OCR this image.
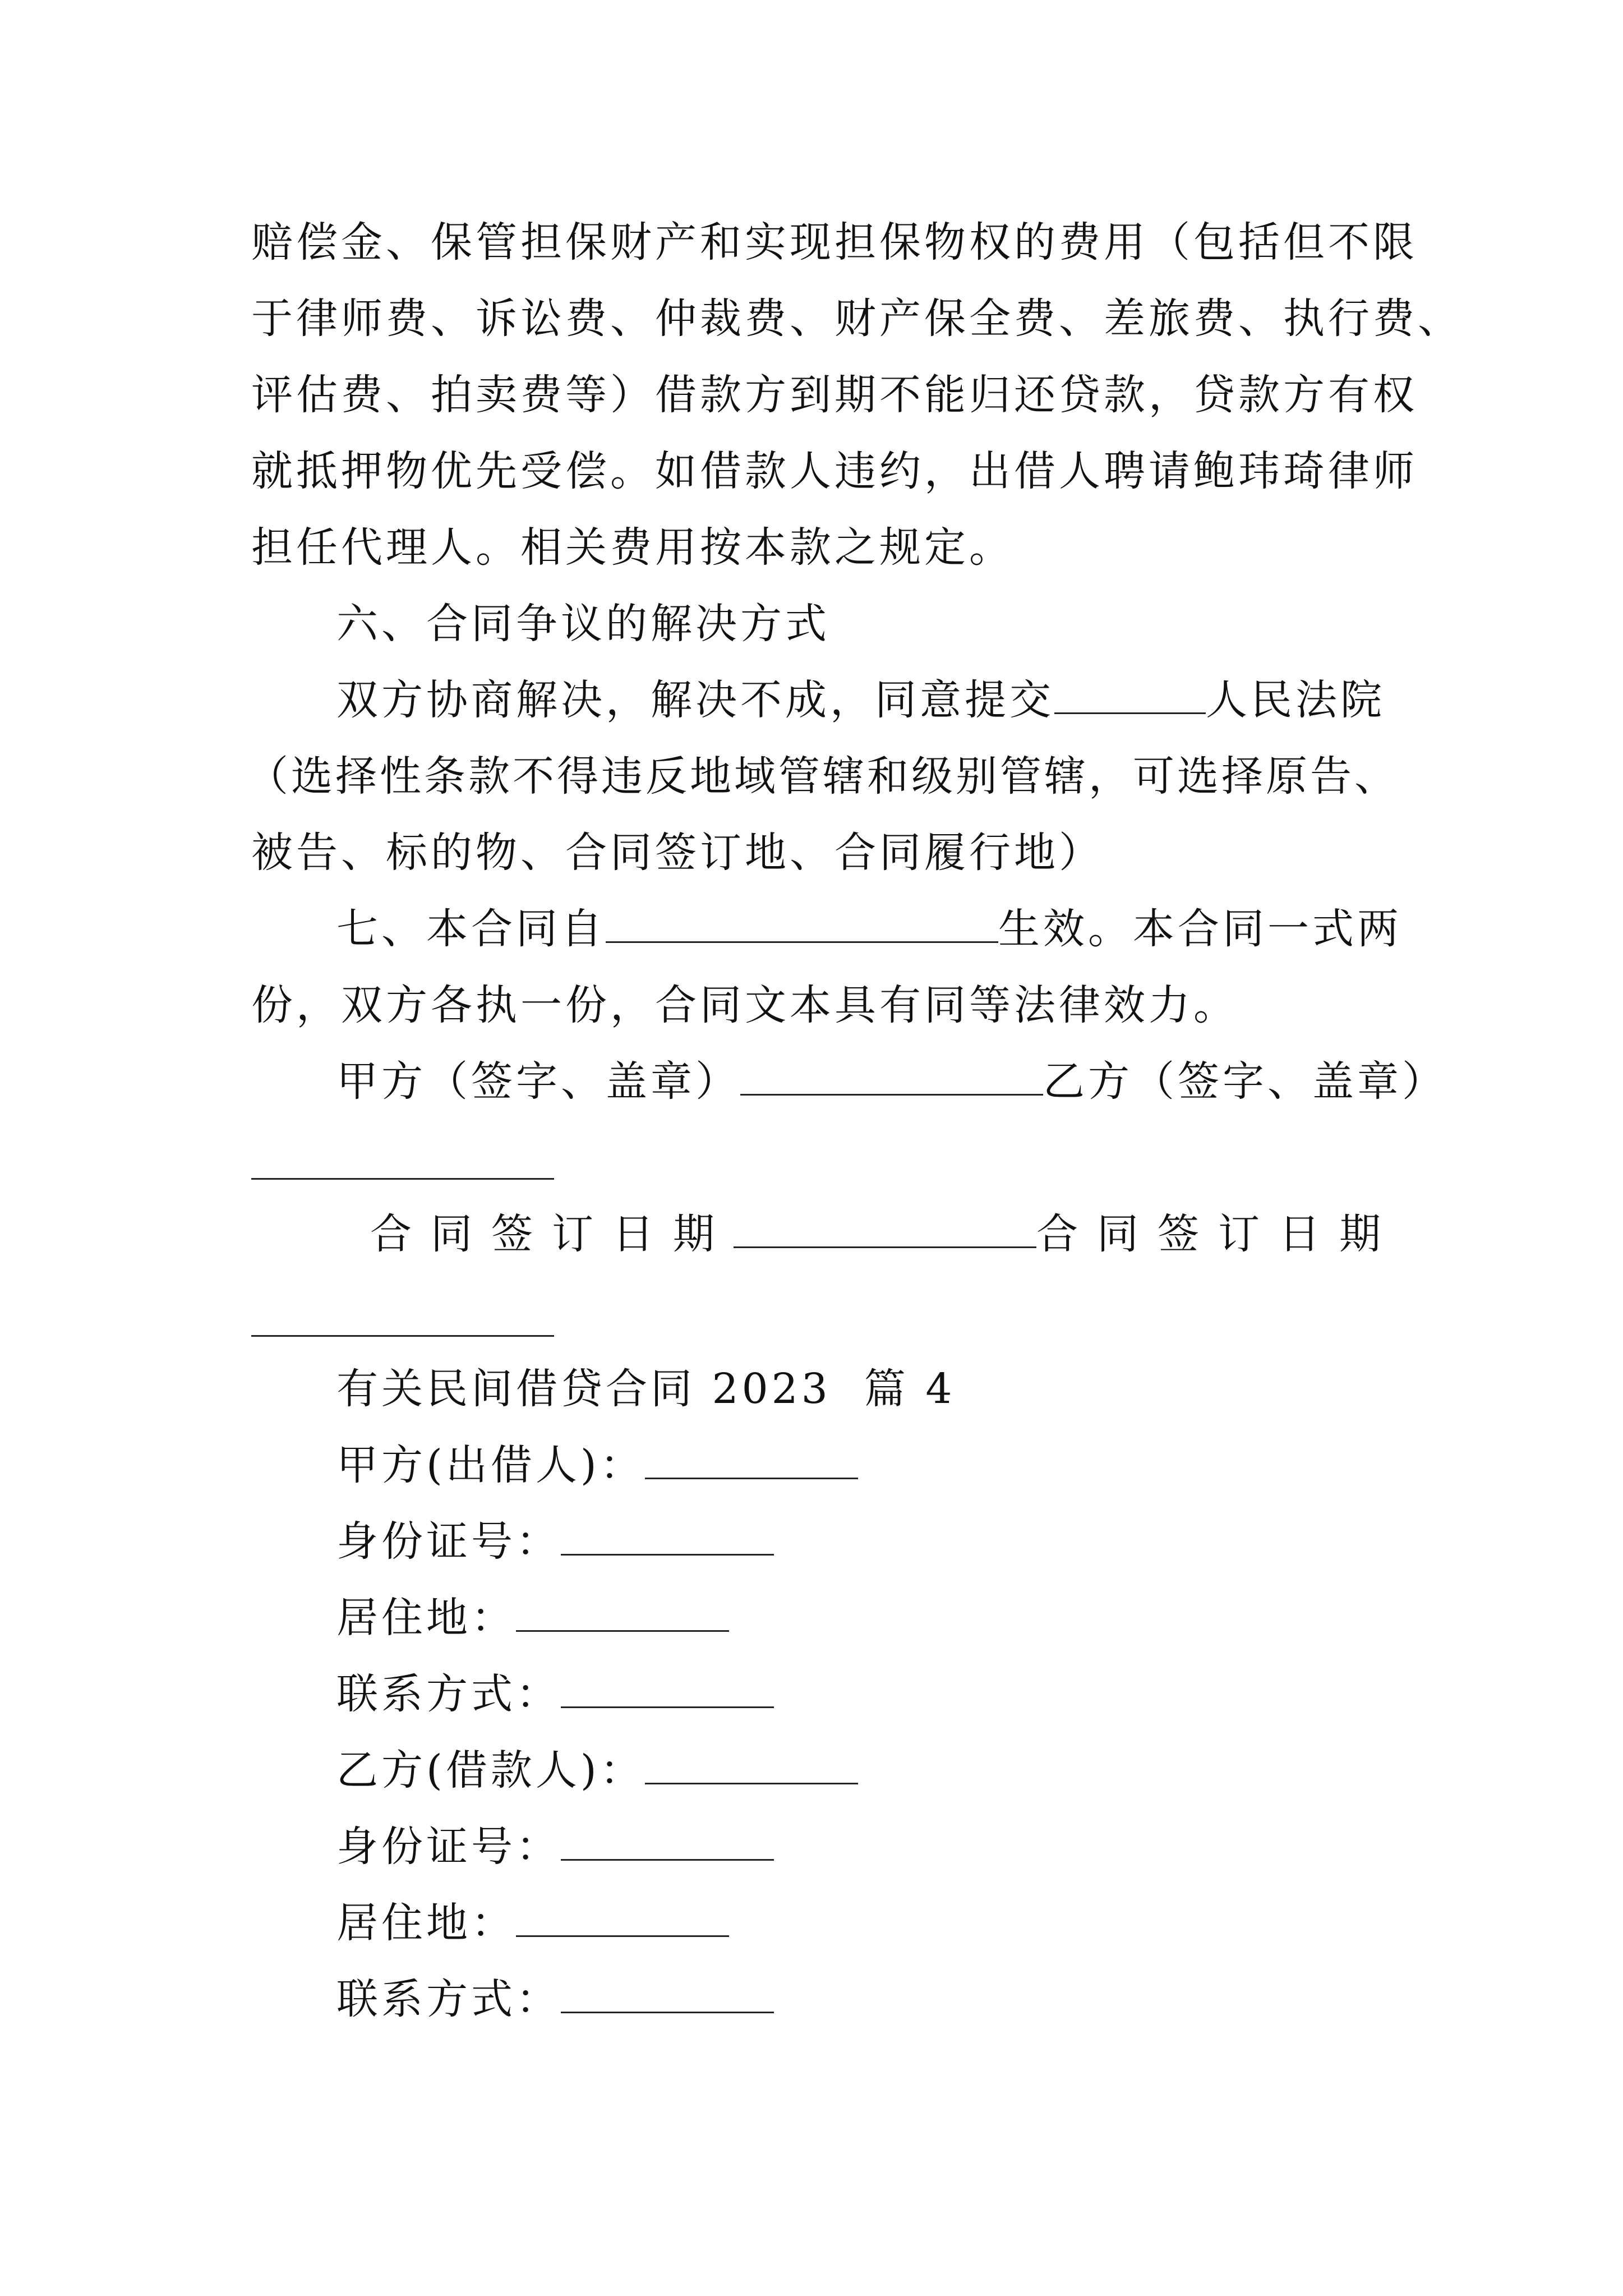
赔偿金、保管担保财产和实现担保物权的费用（包括但不限
于律师费、诉讼费、仲裁费、财产保全费、差旅费、执行费、
评估费、拍卖费等）借款方到期不能归还贷款，贷款方有权
就抵押物优先受偿。如借款人违约，出借人聘请鲍玮琦律师
担任代理人。相关费用按本款之规定。
六、合同争议的解决方式
双方协商解决，解决不成，同意提交	人民法院
（选择性条款不得违反地域管辖和级别管辖，可选择原告、
被告、标的物、合同签订地、合同履行地）
七、本合同自	生效。本合同一式两
份，双方各执一份，合同文本具有同等法律效力。
甲方（签字、盖章）	乙方（签字、盖章）
合同签订日期	合同签订日期
有关民间借贷合同 2023  篇 4
甲方(出借人)：
身份证号：
居住地：
联系方式：
乙方(借款人)：
身份证号：
居住地：
联系方式：
